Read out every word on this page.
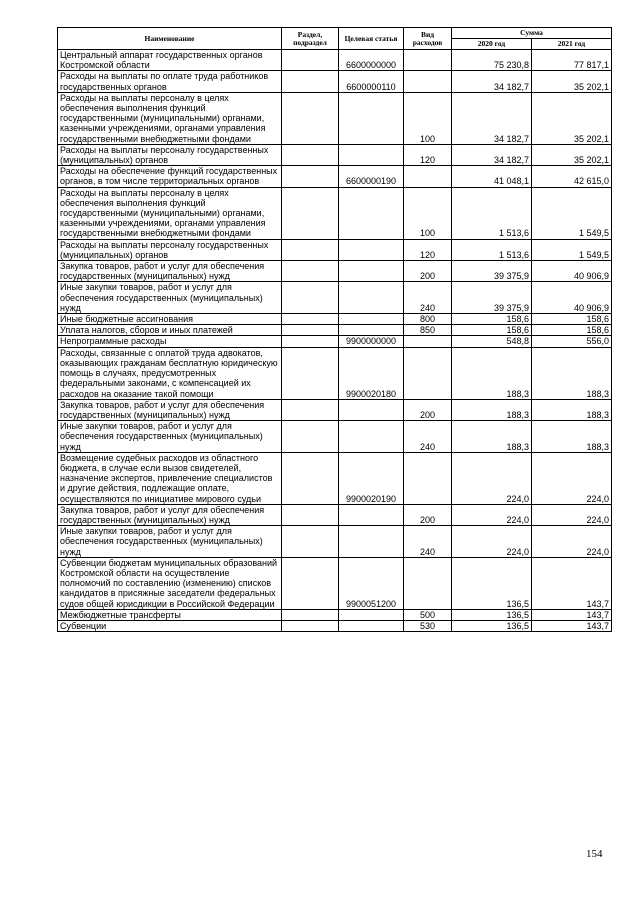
Наименование	Раздел, подраздел	Целевая статья	Вид расходов	Сумма	
				2020 год	2021 год
Центральный аппарат государственных органов Костромской области		6600000000		75 230,8	77 817,1
Расходы на выплаты по оплате труда работников государственных органов		6600000110		34 182,7	35 202,1
Расходы на выплаты персоналу в целях обеспечения выполнения функций государственными (муниципальными) органами, казенными учреждениями, органами управления государственными внебюджетными фондами			100	34 182,7	35 202,1
Расходы на выплаты персоналу государственных (муниципальных) органов			120	34 182,7	35 202,1
Расходы на обеспечение функций государственных органов, в том числе территориальных органов		6600000190		41 048,1	42 615,0
Расходы на выплаты персоналу в целях обеспечения выполнения функций государственными (муниципальными) органами, казенными учреждениями, органами управления государственными внебюджетными фондами			100	1 513,6	1 549,5
Расходы на выплаты персоналу государственных (муниципальных) органов			120	1 513,6	1 549,5
Закупка товаров, работ и услуг для обеспечения государственных (муниципальных) нужд			200	39 375,9	40 906,9
Иные закупки товаров, работ и услуг для обеспечения государственных (муниципальных) нужд			240	39 375,9	40 906,9
Иные бюджетные ассигнования			800	158,6	158,6
Уплата налогов, сборов и иных платежей			850	158,6	158,6
Непрограммные расходы		9900000000		548,8	556,0
Расходы, связанные с оплатой труда адвокатов, оказывающих гражданам бесплатную юридическую помощь в случаях, предусмотренных федеральными законами, с компенсацией их расходов на оказание такой помощи		9900020180		188,3	188,3
Закупка товаров, работ и услуг для обеспечения государственных (муниципальных) нужд			200	188,3	188,3
Иные закупки товаров, работ и услуг для обеспечения государственных (муниципальных) нужд			240	188,3	188,3
Возмещение судебных расходов из областного бюджета, в случае если вызов свидетелей, назначение экспертов, привлечение специалистов и другие действия, подлежащие оплате, осуществляются по инициативе мирового судьи		9900020190		224,0	224,0
Закупка товаров, работ и услуг для обеспечения государственных (муниципальных) нужд			200	224,0	224,0
Иные закупки товаров, работ и услуг для обеспечения государственных (муниципальных) нужд			240	224,0	224,0
Субвенции бюджетам муниципальных образований Костромской области на осуществление полномочий по составлению (изменению) списков кандидатов в присяжные заседатели федеральных судов общей юрисдикции в Российской Федерации		9900051200		136,5	143,7
Межбюджетные трансферты			500	136,5	143,7
Субвенции			530	136,5	143,7
154
